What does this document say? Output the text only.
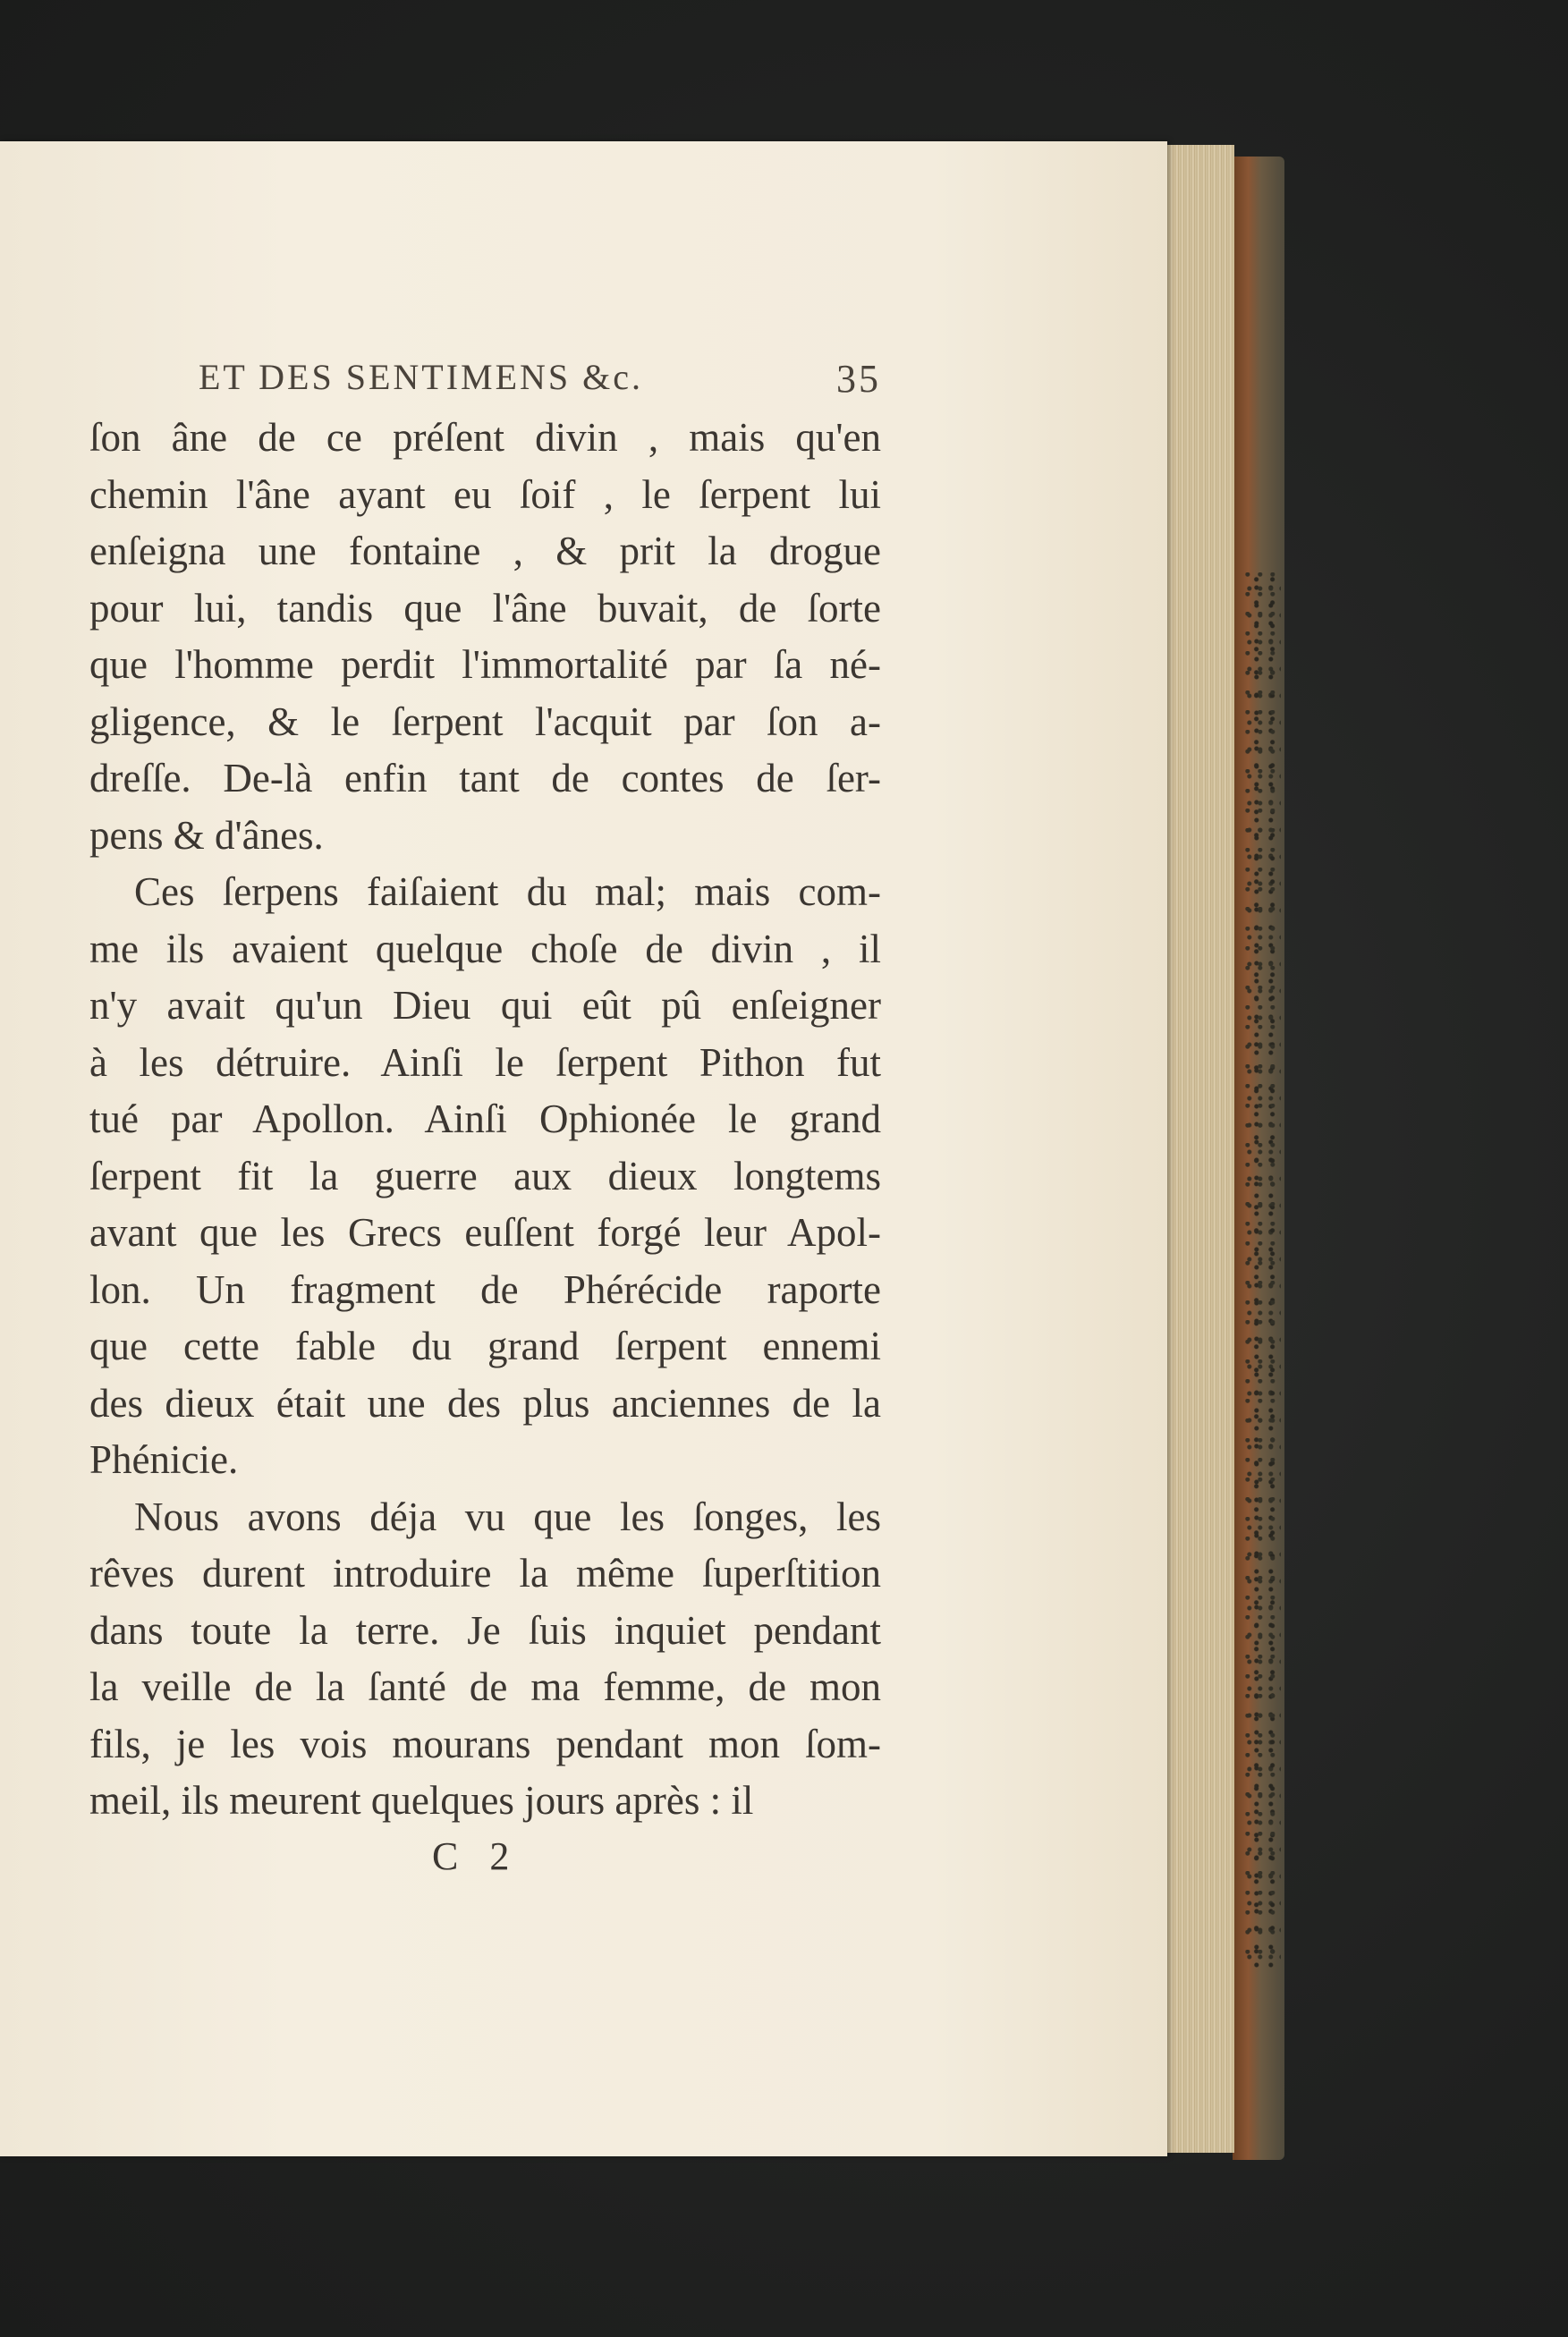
ET DES SENTIMENS &c.	35
ſon âne de ce préſent divin , mais qu'en
chemin l'âne ayant eu ſoif , le ſerpent lui
enſeigna une fontaine , & prit la drogue
pour lui, tandis que l'âne buvait, de ſorte
que l'homme perdit l'immortalité par ſa né-
gligence, & le ſerpent l'acquit par ſon a-
dreſſe. De-là enfin tant de contes de ſer-
pens & d'ânes.
Ces ſerpens faiſaient du mal; mais com-
me ils avaient quelque choſe de divin , il
n'y avait qu'un Dieu qui eût pû enſeigner
à les détruire. Ainſi le ſerpent Pithon fut
tué par Apollon. Ainſi Ophionée le grand
ſerpent fit la guerre aux dieux longtems
avant que les Grecs euſſent forgé leur Apol-
lon. Un fragment de Phérécide raporte
que cette fable du grand ſerpent ennemi
des dieux était une des plus anciennes de la
Phénicie.
Nous avons déja vu que les ſonges, les
rêves durent introduire la même ſuperſtition
dans toute la terre. Je ſuis inquiet pendant
la veille de la ſanté de ma femme, de mon
fils, je les vois mourans pendant mon ſom-
meil, ils meurent quelques jours après : il
C 2
